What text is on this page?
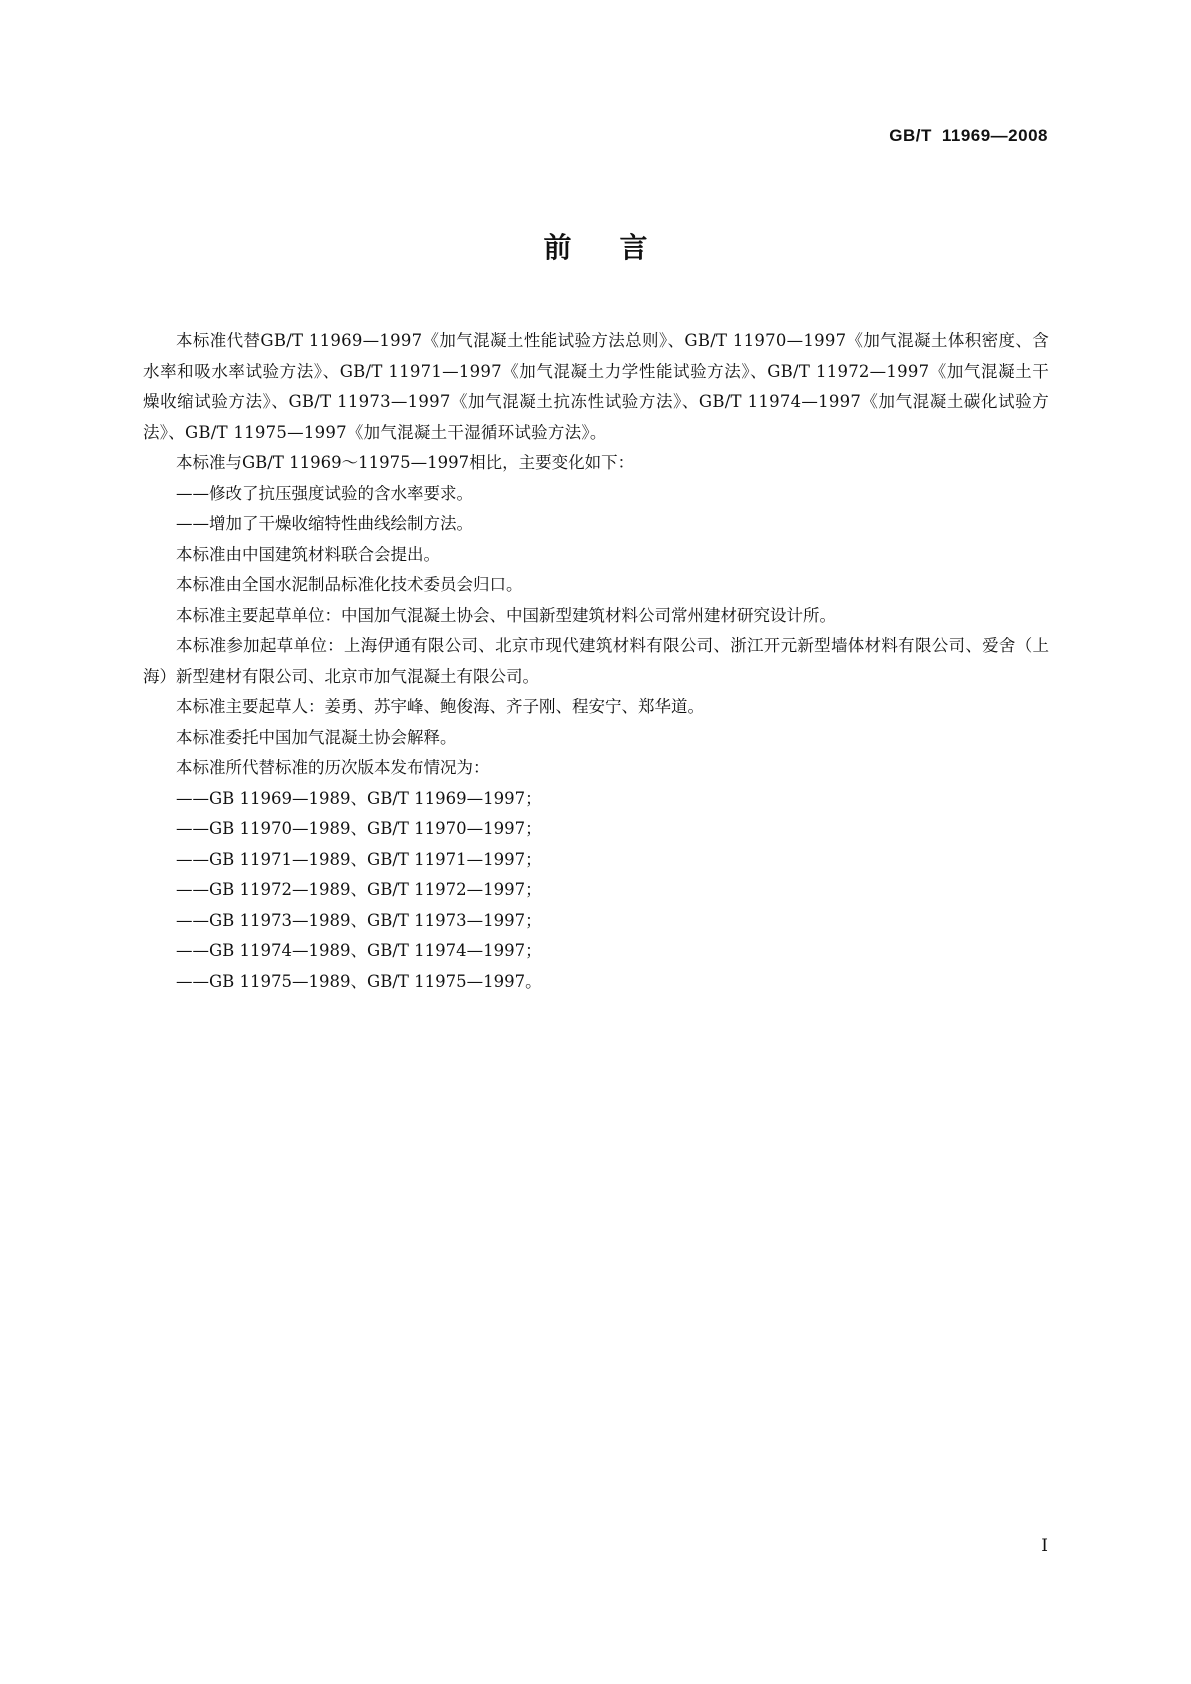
GB/T 11969—2008
前言

本标准代替GB/T 11969—1997《加气混凝土性能试验方法总则》、GB/T 11970—1997《加气混凝土体积密度、含水率和吸水率试验方法》、GB/T 11971—1997《加气混凝土力学性能试验方法》、GB/T 11972—1997《加气混凝土干燥收缩试验方法》、GB/T 11973—1997《加气混凝土抗冻性试验方法》、GB/T 11974—1997《加气混凝土碳化试验方法》、GB/T 11975—1997《加气混凝土干湿循环试验方法》。

本标准与GB/T 11969～11975—1997相比，主要变化如下：

——修改了抗压强度试验的含水率要求。

——增加了干燥收缩特性曲线绘制方法。

本标准由中国建筑材料联合会提出。

本标准由全国水泥制品标准化技术委员会归口。

本标准主要起草单位：中国加气混凝土协会、中国新型建筑材料公司常州建材研究设计所。

本标准参加起草单位：上海伊通有限公司、北京市现代建筑材料有限公司、浙江开元新型墙体材料有限公司、爱舍（上海）新型建材有限公司、北京市加气混凝土有限公司。

本标准主要起草人：姜勇、苏宇峰、鲍俊海、齐子刚、程安宁、郑华道。

本标准委托中国加气混凝土协会解释。

本标准所代替标准的历次版本发布情况为：

——GB 11969—1989、GB/T 11969—1997；

——GB 11970—1989、GB/T 11970—1997；

——GB 11971—1989、GB/T 11971—1997；

——GB 11972—1989、GB/T 11972—1997；

——GB 11973—1989、GB/T 11973—1997；

——GB 11974—1989、GB/T 11974—1997；

——GB 11975—1989、GB/T 11975—1997。

I
